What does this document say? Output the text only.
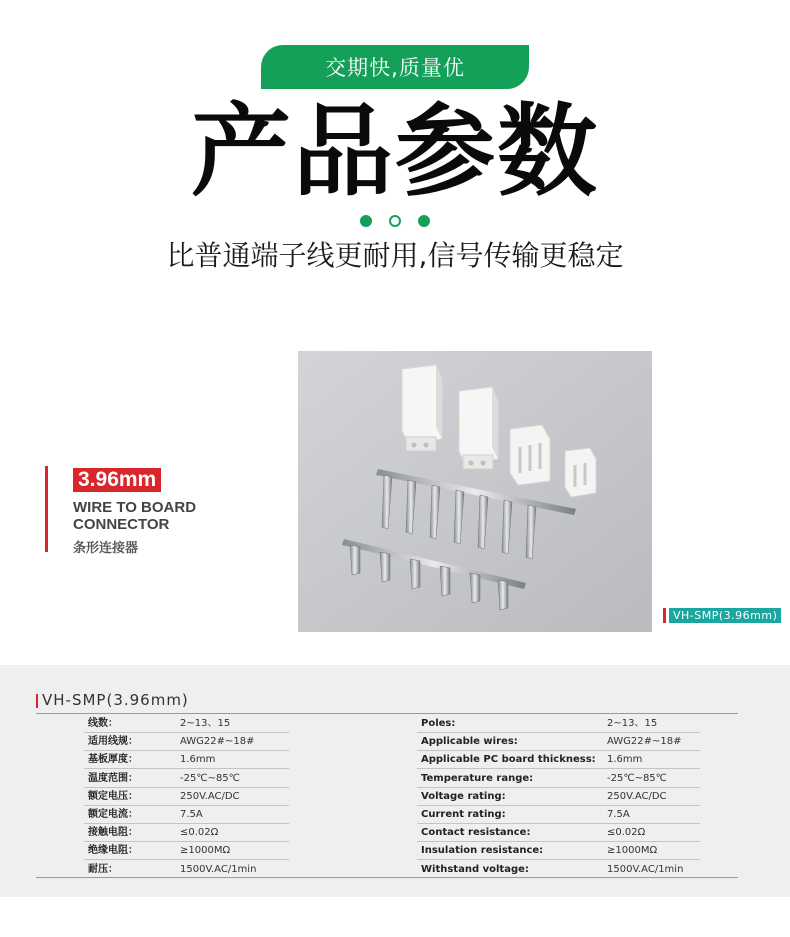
交期快,质量优
产品参数
比普通端子线更耐用,信号传输更稳定
3.96mm
WIRE TO BOARD
CONNECTOR
条形连接器
VH-SMP(3.96mm)
VH-SMP(3.96mm)
线数：	2~13、15	Poles:	2~13、15
适用线规：	AWG22#~18#	Applicable wires:	AWG22#~18#
基板厚度：	1.6mm	Applicable PC board thickness: 1.6mm
温度范围：	-25℃~85℃	Temperature range:	-25℃~85℃
额定电压：	250V.AC/DC	Voltage rating:	250V.AC/DC
额定电流：	7.5A	Current rating:	7.5A
接触电阻：	≤0.02Ω	Contact resistance:	≤0.02Ω
绝缘电阻：	≥1000MΩ	Insulation resistance:	≥1000MΩ
耐压：	1500V.AC/1min	Withstand voltage:	1500V.AC/1min
